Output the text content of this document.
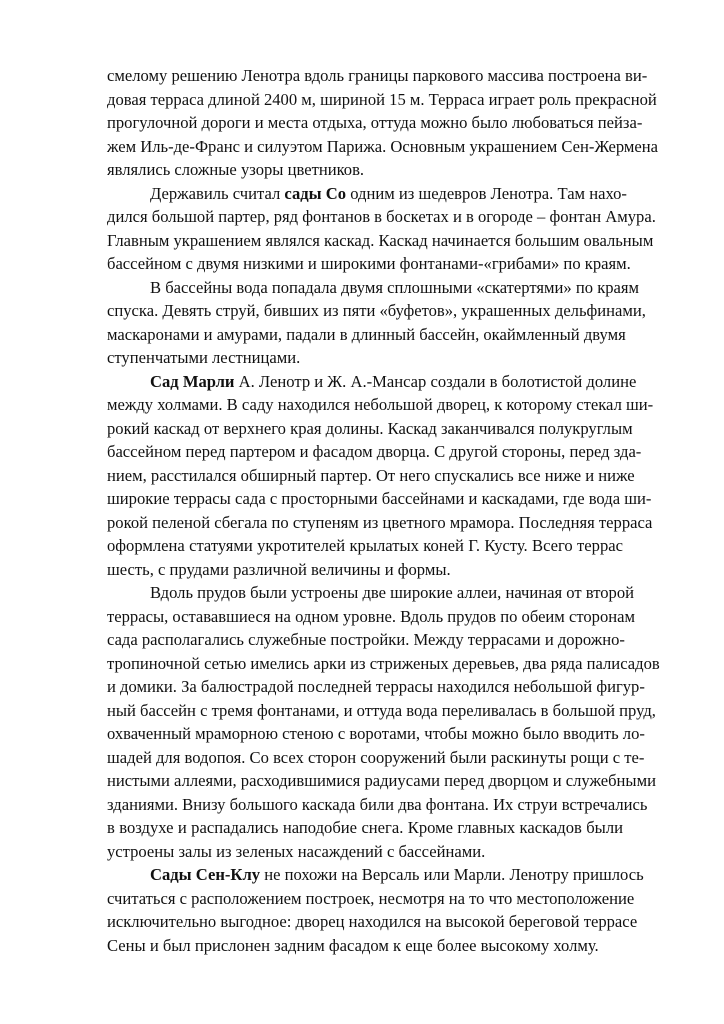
смелому решению Ленотра вдоль границы паркового массива построена ви-
довая терраса длиной 2400 м, шириной 15 м. Терраса играет роль прекрасной
прогулочной дороги и места отдыха, оттуда можно было любоваться пейза-
жем Иль-де-Франс и силуэтом Парижа. Основным украшением Сен-Жермена
являлись сложные узоры цветников.
Державиль считал сады Со одним из шедевров Ленотра. Там нахо-
дился большой партер, ряд фонтанов в боскетах и в огороде – фонтан Амура.
Главным украшением являлся каскад. Каскад начинается большим овальным
бассейном с двумя низкими и широкими фонтанами-«грибами» по краям.
В бассейны вода попадала двумя сплошными «скатертями» по краям
спуска. Девять струй, бивших из пяти «буфетов», украшенных дельфинами,
маскаронами и амурами, падали в длинный бассейн, окаймленный двумя
ступенчатыми лестницами.
Сад Марли А. Ленотр и Ж. А.-Мансар создали в болотистой долине
между холмами. В саду находился небольшой дворец, к которому стекал ши-
рокий каскад от верхнего края долины. Каскад заканчивался полукруглым
бассейном перед партером и фасадом дворца. С другой стороны, перед зда-
нием, расстилался обширный партер. От него спускались все ниже и ниже
широкие террасы сада с просторными бассейнами и каскадами, где вода ши-
рокой пеленой сбегала по ступеням из цветного мрамора. Последняя терраса
оформлена статуями укротителей крылатых коней Г. Кусту. Всего террас
шесть, с прудами различной величины и формы.
Вдоль прудов были устроены две широкие аллеи, начиная от второй
террасы, остававшиеся на одном уровне. Вдоль прудов по обеим сторонам
сада располагались служебные постройки. Между террасами и дорожно-
тропиночной сетью имелись арки из стриженых деревьев, два ряда палисадов
и домики. За балюстрадой последней террасы находился небольшой фигур-
ный бассейн с тремя фонтанами, и оттуда вода переливалась в большой пруд,
охваченный мраморною стеною с воротами, чтобы можно было вводить ло-
шадей для водопоя. Со всех сторон сооружений были раскинуты рощи с те-
нистыми аллеями, расходившимися радиусами перед дворцом и служебными
зданиями. Внизу большого каскада били два фонтана. Их струи встречались
в воздухе и распадались наподобие снега. Кроме главных каскадов были
устроены залы из зеленых насаждений с бассейнами.
Сады Сен-Клу не похожи на Версаль или Марли. Ленотру пришлось
считаться с расположением построек, несмотря на то что местоположение
исключительно выгодное: дворец находился на высокой береговой террасе
Сены и был прислонен задним фасадом к еще более высокому холму.
